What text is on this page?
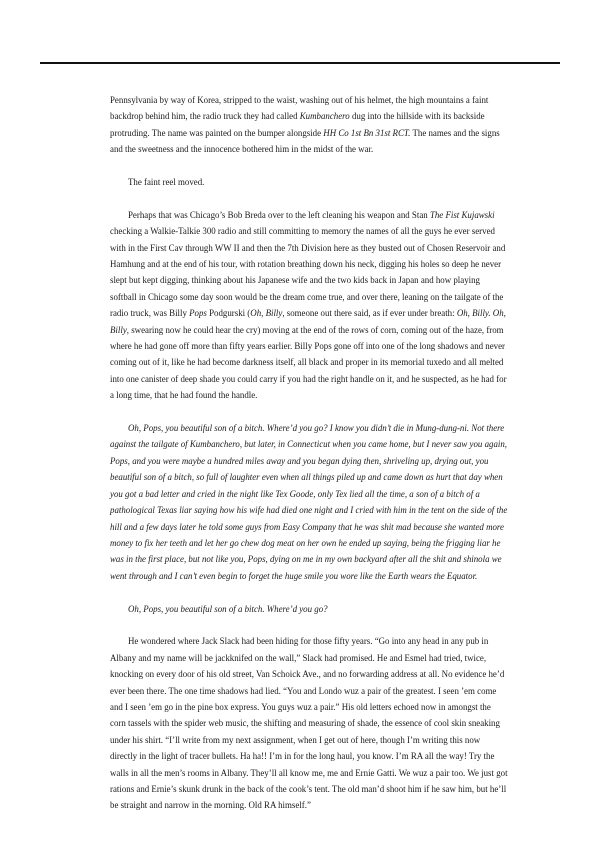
Pennsylvania by way of Korea, stripped to the waist, washing out of his helmet, the high mountains a faint backdrop behind him, the radio truck they had called Kumbanchero dug into the hillside with its backside protruding. The name was painted on the bumper alongside HH Co 1st Bn 31st RCT. The names and the signs and the sweetness and the innocence bothered him in the midst of the war.

The faint reel moved.

Perhaps that was Chicago’s Bob Breda over to the left cleaning his weapon and Stan The Fist Kujawski checking a Walkie-Talkie 300 radio and still committing to memory the names of all the guys he ever served with in the First Cav through WW II and then the 7th Division here as they busted out of Chosen Reservoir and Hamhung and at the end of his tour, with rotation breathing down his neck, digging his holes so deep he never slept but kept digging, thinking about his Japanese wife and the two kids back in Japan and how playing softball in Chicago some day soon would be the dream come true, and over there, leaning on the tailgate of the radio truck, was Billy Pops Podgurski (Oh, Billy, someone out there said, as if ever under breath: Oh, Billy. Oh, Billy, swearing now he could hear the cry) moving at the end of the rows of corn, coming out of the haze, from where he had gone off more than fifty years earlier. Billy Pops gone off into one of the long shadows and never coming out of it, like he had become darkness itself, all black and proper in its memorial tuxedo and all melted into one canister of deep shade you could carry if you had the right handle on it, and he suspected, as he had for a long time, that he had found the handle.

Oh, Pops, you beautiful son of a bitch. Where’d you go? I know you didn’t die in Mung-dung-ni. Not there against the tailgate of Kumbanchero, but later, in Connecticut when you came home, but I never saw you again, Pops, and you were maybe a hundred miles away and you began dying then, shriveling up, drying out, you beautiful son of a bitch, so full of laughter even when all things piled up and came down as hurt that day when you got a bad letter and cried in the night like Tex Goode, only Tex lied all the time, a son of a bitch of a pathological Texas liar saying how his wife had died one night and I cried with him in the tent on the side of the hill and a few days later he told some guys from Easy Company that he was shit mad because she wanted more money to fix her teeth and let her go chew dog meat on her own he ended up saying, being the frigging liar he was in the first place, but not like you, Pops, dying on me in my own backyard after all the shit and shinola we went through and I can’t even begin to forget the huge smile you wore like the Earth wears the Equator.

Oh, Pops, you beautiful son of a bitch. Where’d you go?

He wondered where Jack Slack had been hiding for those fifty years. “Go into any head in any pub in Albany and my name will be jackknifed on the wall,” Slack had promised. He and Esmel had tried, twice, knocking on every door of his old street, Van Schoick Ave., and no forwarding address at all. No evidence he’d ever been there. The one time shadows had lied. “You and Londo wuz a pair of the greatest. I seen ’em come and I seen ’em go in the pine box express. You guys wuz a pair.” His old letters echoed now in amongst the corn tassels with the spider web music, the shifting and measuring of shade, the essence of cool skin sneaking under his shirt. “I’ll write from my next assignment, when I get out of here, though I’m writing this now directly in the light of tracer bullets. Ha ha!! I’m in for the long haul, you know. I’m RA all the way! Try the walls in all the men’s rooms in Albany. They’ll all know me, me and Ernie Gatti. We wuz a pair too. We just got rations and Ernie’s skunk drunk in the back of the cook’s tent. The old man’d shoot him if he saw him, but he’ll be straight and narrow in the morning. Old RA himself.”
